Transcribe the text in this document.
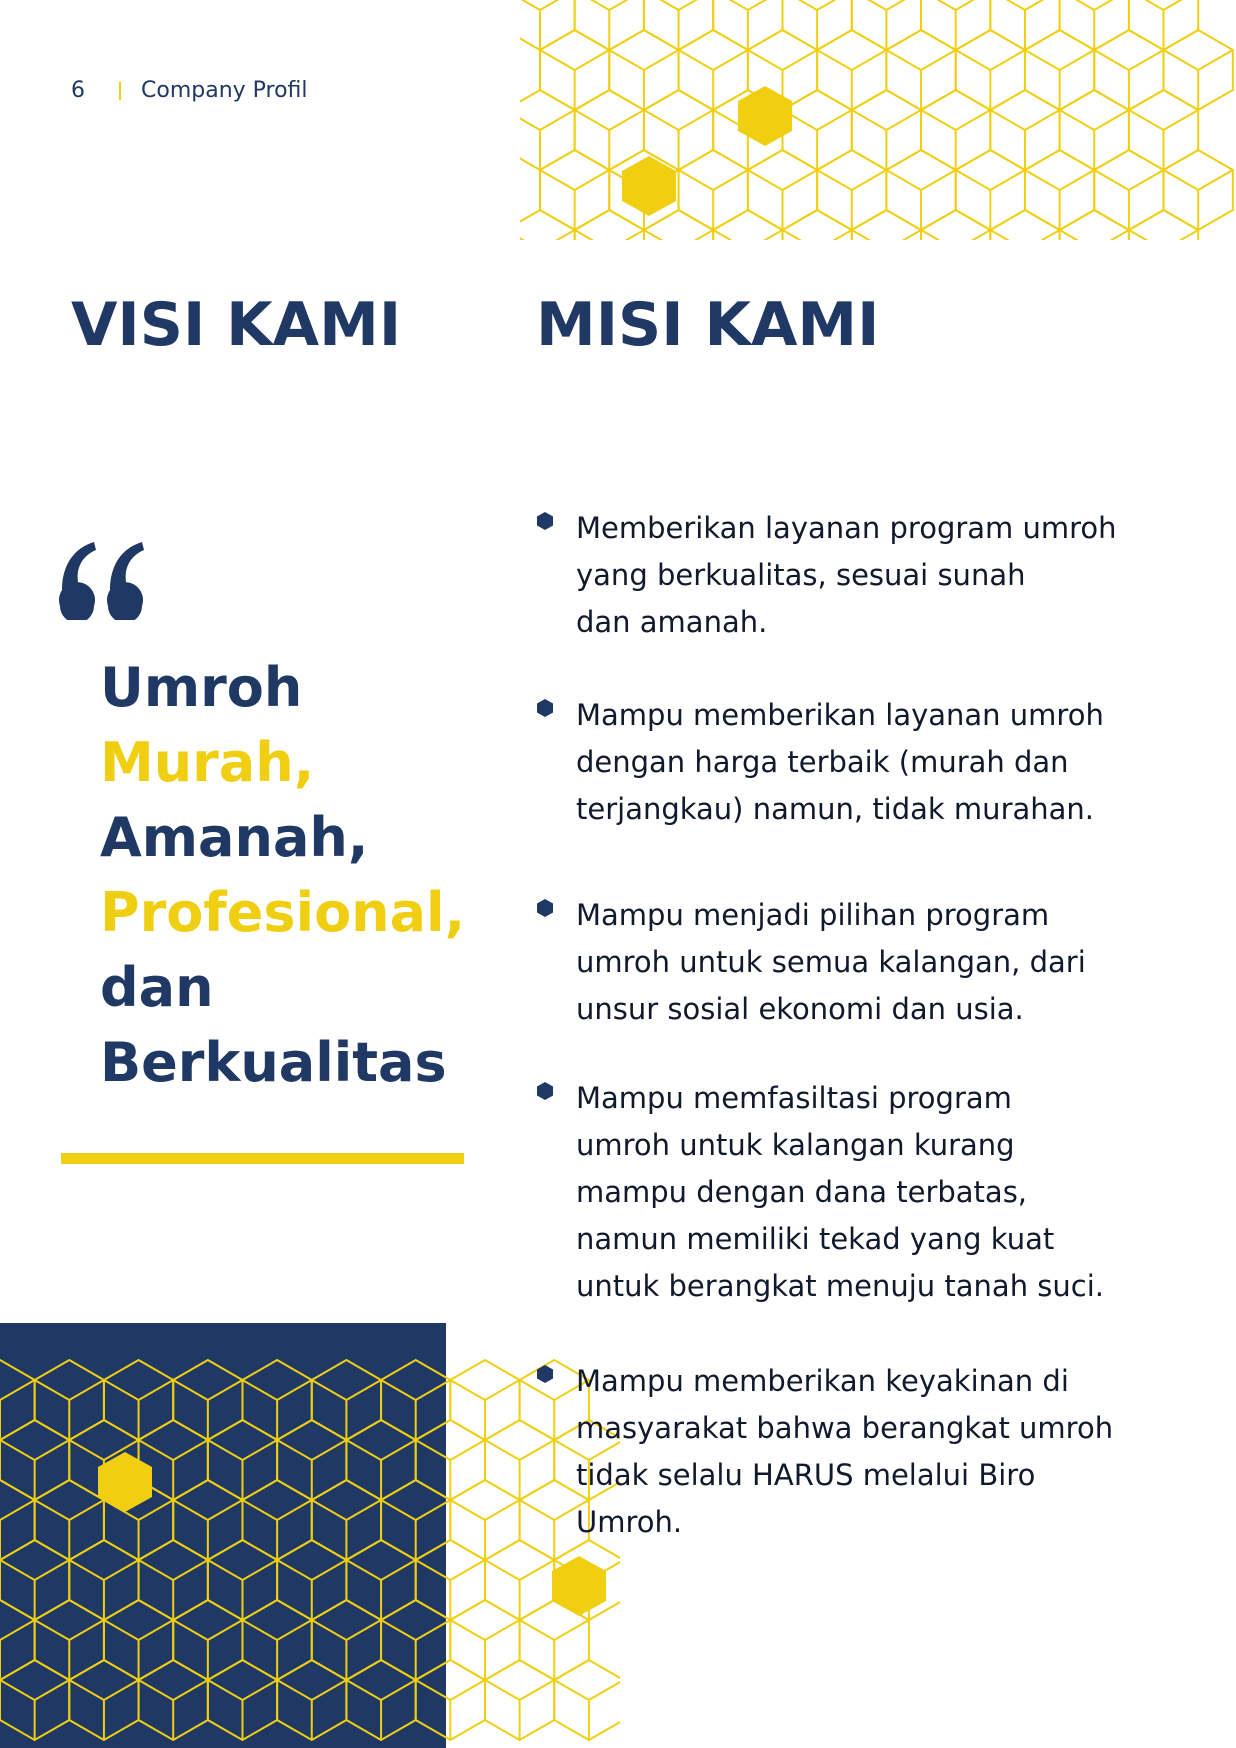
6	Company Profil
VISI KAMI MISI KAMI
Umroh
Murah,
Amanah,
Profesional,
dan
Berkualitas
Memberikan layanan program umroh
yang berkualitas, sesuai sunah
dan amanah.
Mampu memberikan layanan umroh
dengan harga terbaik (murah dan
terjangkau) namun, tidak murahan.
Mampu menjadi pilihan program
umroh untuk semua kalangan, dari
unsur sosial ekonomi dan usia.
Mampu memfasiltasi program
umroh untuk kalangan kurang
mampu dengan dana terbatas,
namun memiliki tekad yang kuat
untuk berangkat menuju tanah suci.
Mampu memberikan keyakinan di
masyarakat bahwa berangkat umroh
tidak selalu HARUS melalui Biro
Umroh.
